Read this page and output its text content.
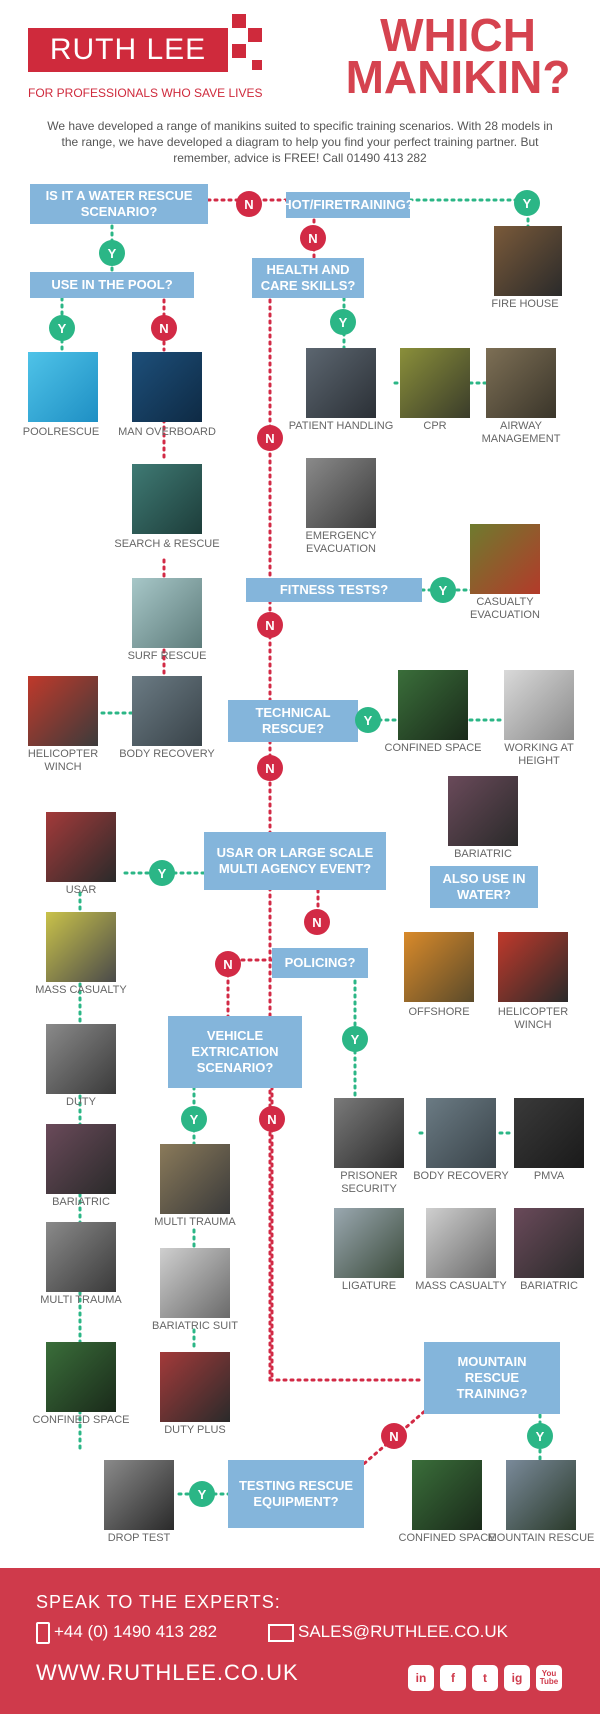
RUTH LEE
FOR PROFESSIONALS WHO SAVE LIVES
WHICH
MANIKIN?
We have developed a range of manikins suited to specific training scenarios. With 28 models in the range, we have developed a diagram to help you find your perfect training partner. But remember, advice is FREE! Call 01490 413 282
IS IT A WATER RESCUE SCENARIO?	HOT/FIRETRAINING?
USE IN THE POOL?
HEALTH AND CARE SKILLS?
FITNESS TESTS?
TECHNICAL RESCUE?
USAR OR LARGE SCALE MULTI AGENCY EVENT?
ALSO USE IN WATER?
POLICING?
VEHICLE EXTRICATION SCENARIO?
MOUNTAIN RESCUE TRAINING?
TESTING RESCUE EQUIPMENT?
N	Y
N
Y
Y	N	Y
N
Y
N
Y
N
Y
N
N
Y
Y	N
Y
N
Y
FIRE HOUSE
POOLRESCUE	MAN OVERBOARD
SEARCH & RESCUE
SURF RESCUE
HELICOPTER WINCH
BODY RECOVERY
PATIENT HANDLING	CPR	AIRWAY MANAGEMENT
EMERGENCY EVACUATION
CASUALTY EVACUATION
CONFINED SPACE	WORKING AT HEIGHT
BARIATRIC
OFFSHORE	HELICOPTER WINCH
USAR
MASS CASUALTY
DUTY
BARIATRIC
MULTI TRAUMA
CONFINED SPACE
MULTI TRAUMA
BARIATRIC SUIT
DUTY PLUS
PRISONER SECURITY
BODY RECOVERY	PMVA
LIGATURE	MASS CASUALTY	BARIATRIC
DROP TEST	CONFINED SPACE
MOUNTAIN RESCUE
SPEAK TO THE EXPERTS:
+44 (0) 1490 413 282	SALES@RUTHLEE.CO.UK
WWW.RUTHLEE.CO.UK	in	f	t	ig	You Tube
